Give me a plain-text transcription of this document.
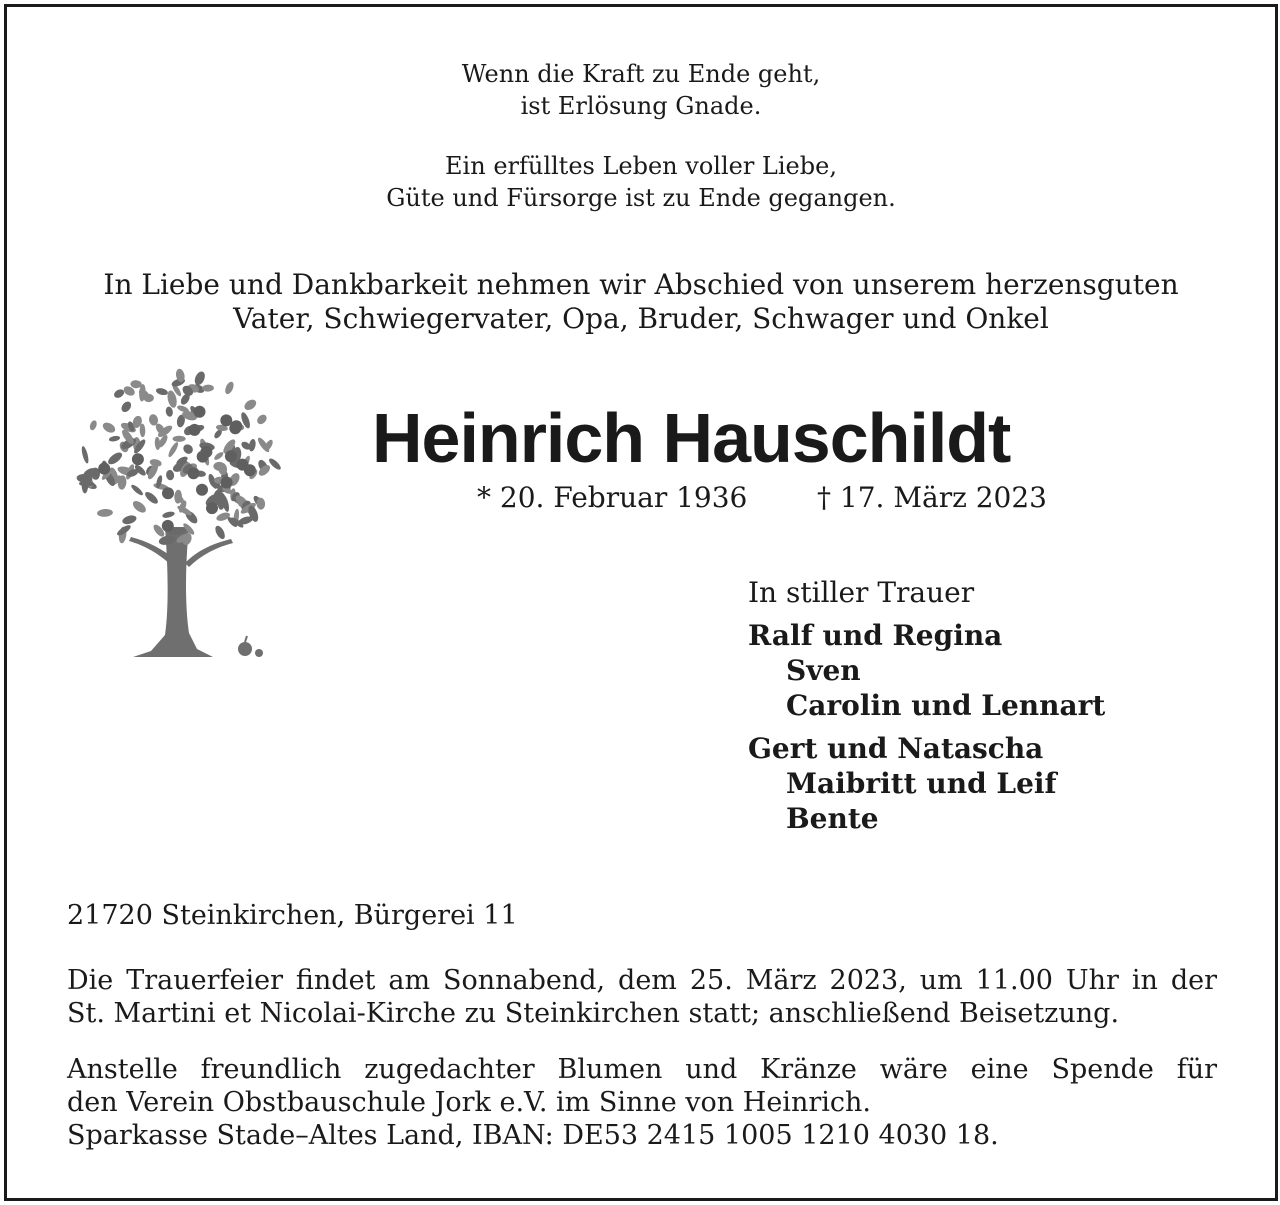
Wenn die Kraft zu Ende geht,
ist Erlösung Gnade.
Ein erfülltes Leben voller Liebe,
Güte und Fürsorge ist zu Ende gegangen.
In Liebe und Dankbarkeit nehmen wir Abschied von unserem herzensguten
Vater, Schwiegervater, Opa, Bruder, Schwager und Onkel
Heinrich Hauschildt
* 20. Februar 1936 † 17. März 2023
In stiller Trauer
Ralf und Regina
Sven
Carolin und Lennart
Gert und Natascha
Maibritt und Leif
Bente
21720 Steinkirchen, Bürgerei 11
Die Trauerfeier findet am Sonnabend, dem 25. März 2023, um 11.00 Uhr in der
St. Martini et Nicolai-Kirche zu Steinkirchen statt; anschließend Beisetzung.
Anstelle freundlich zugedachter Blumen und Kränze wäre eine Spende für
den Verein Obstbauschule Jork e.V. im Sinne von Heinrich.
Sparkasse Stade–Altes Land, IBAN: DE53 2415 1005 1210 4030 18.
